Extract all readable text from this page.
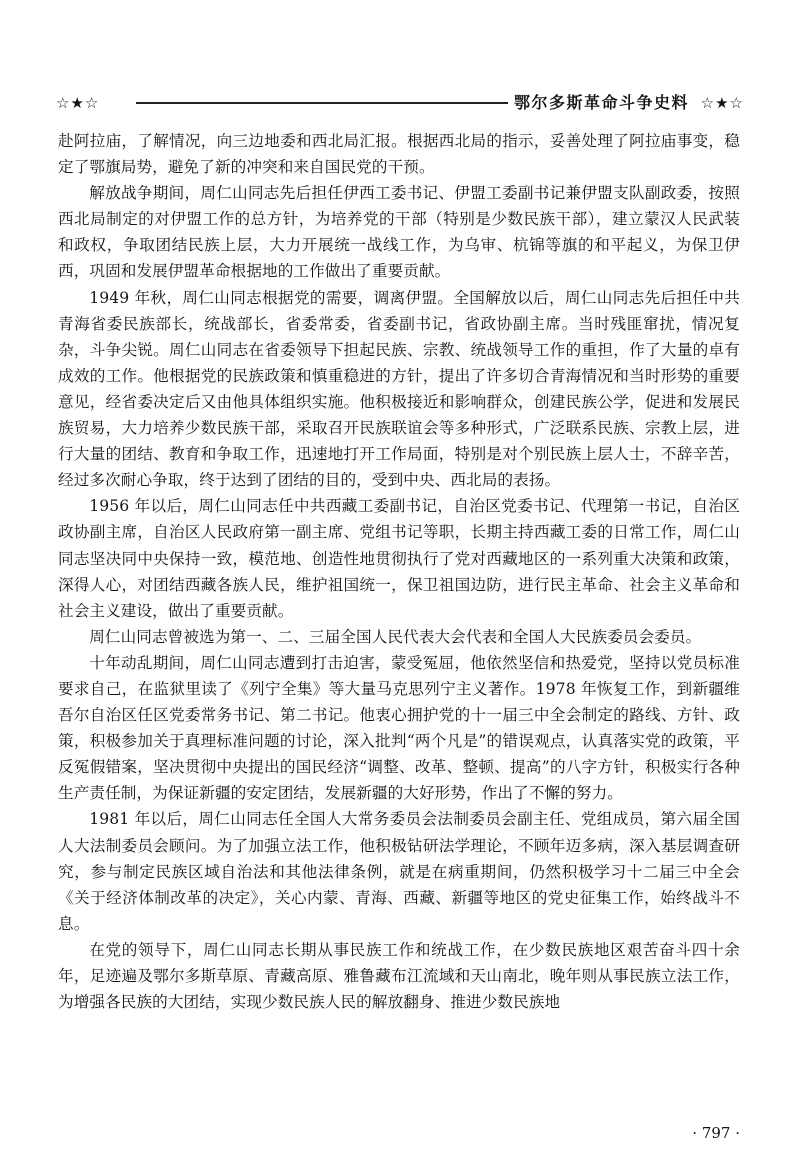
☆★☆	鄂尔多斯革命斗争史料 ☆★☆

赴阿拉庙，了解情况，向三边地委和西北局汇报。根据西北局的指示，妥善处理了阿拉庙事变，稳定了鄂旗局势，避免了新的冲突和来自国民党的干预。

解放战争期间，周仁山同志先后担任伊西工委书记、伊盟工委副书记兼伊盟支队副政委，按照西北局制定的对伊盟工作的总方针，为培养党的干部（特别是少数民族干部），建立蒙汉人民武装和政权，争取团结民族上层，大力开展统一战线工作，为乌审、杭锦等旗的和平起义，为保卫伊西，巩固和发展伊盟革命根据地的工作做出了重要贡献。

1949 年秋，周仁山同志根据党的需要，调离伊盟。全国解放以后，周仁山同志先后担任中共青海省委民族部长，统战部长，省委常委，省委副书记，省政协副主席。当时残匪窜扰，情况复杂，斗争尖锐。周仁山同志在省委领导下担起民族、宗教、统战领导工作的重担，作了大量的卓有成效的工作。他根据党的民族政策和慎重稳进的方针，提出了许多切合青海情况和当时形势的重要意见，经省委决定后又由他具体组织实施。他积极接近和影响群众，创建民族公学，促进和发展民族贸易，大力培养少数民族干部，采取召开民族联谊会等多种形式，广泛联系民族、宗教上层，进行大量的团结、教育和争取工作，迅速地打开工作局面，特别是对个别民族上层人士，不辞辛苦，经过多次耐心争取，终于达到了团结的目的，受到中央、西北局的表扬。

1956 年以后，周仁山同志任中共西藏工委副书记，自治区党委书记、代理第一书记，自治区政协副主席，自治区人民政府第一副主席、党组书记等职，长期主持西藏工委的日常工作，周仁山同志坚决同中央保持一致，模范地、创造性地贯彻执行了党对西藏地区的一系列重大决策和政策，深得人心，对团结西藏各族人民，维护祖国统一，保卫祖国边防，进行民主革命、社会主义革命和社会主义建设，做出了重要贡献。

周仁山同志曾被选为第一、二、三届全国人民代表大会代表和全国人大民族委员会委员。

十年动乱期间，周仁山同志遭到打击迫害，蒙受冤屈，他依然坚信和热爱党，坚持以党员标准要求自己，在监狱里读了《列宁全集》等大量马克思列宁主义著作。1978 年恢复工作，到新疆维吾尔自治区任区党委常务书记、第二书记。他衷心拥护党的十一届三中全会制定的路线、方针、政策，积极参加关于真理标准问题的讨论，深入批判“两个凡是”的错误观点，认真落实党的政策，平反冤假错案，坚决贯彻中央提出的国民经济“调整、改革、整顿、提高”的八字方针，积极实行各种生产责任制，为保证新疆的安定团结，发展新疆的大好形势，作出了不懈的努力。

1981 年以后，周仁山同志任全国人大常务委员会法制委员会副主任、党组成员，第六届全国人大法制委员会顾问。为了加强立法工作，他积极钻研法学理论，不顾年迈多病，深入基层调查研究，参与制定民族区域自治法和其他法律条例，就是在病重期间，仍然积极学习十二届三中全会《关于经济体制改革的决定》，关心内蒙、青海、西藏、新疆等地区的党史征集工作，始终战斗不息。

在党的领导下，周仁山同志长期从事民族工作和统战工作，在少数民族地区艰苦奋斗四十余年，足迹遍及鄂尔多斯草原、青藏高原、雅鲁藏布江流域和天山南北，晚年则从事民族立法工作，为增强各民族的大团结，实现少数民族人民的解放翻身、推进少数民族地

· 797 ·
